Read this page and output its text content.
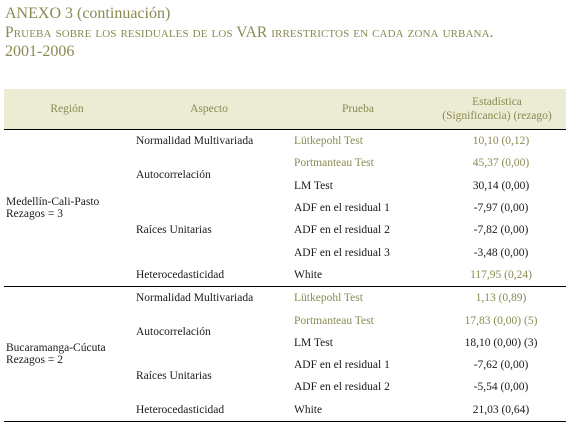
ANEXO 3 (continuación)
Prueba sobre los residuales de los VAR irrestrictos en cada zona urbana.
2001-2006
Región	Aspecto	Prueba	Estadística
(Significancia) (rezago)

Medellín-Cali-Pasto
Rezagos = 3	Normalidad Multivariada	Lütkepohl Test	10,10 (0,12)
	Autocorrelación	Portmanteau Test	45,37 (0,00)
		LM Test	30,14 (0,00)
	Raíces Unitarias	ADF en el residual 1	-7,97 (0,00)
		ADF en el residual 2	-7,82 (0,00)
		ADF en el residual 3	-3,48 (0,00)
	Heterocedasticidad	White	117,95 (0,24)

Bucaramanga-Cúcuta
Rezagos = 2	Normalidad Multivariada	Lütkepohl Test	1,13 (0,89)
	Autocorrelación	Portmanteau Test	17,83 (0,00) (5)
		LM Test	18,10 (0,00) (3)
	Raíces Unitarias	ADF en el residual 1	-7,62 (0,00)
		ADF en el residual 2	-5,54 (0,00)
	Heterocedasticidad	White	21,03 (0,64)
